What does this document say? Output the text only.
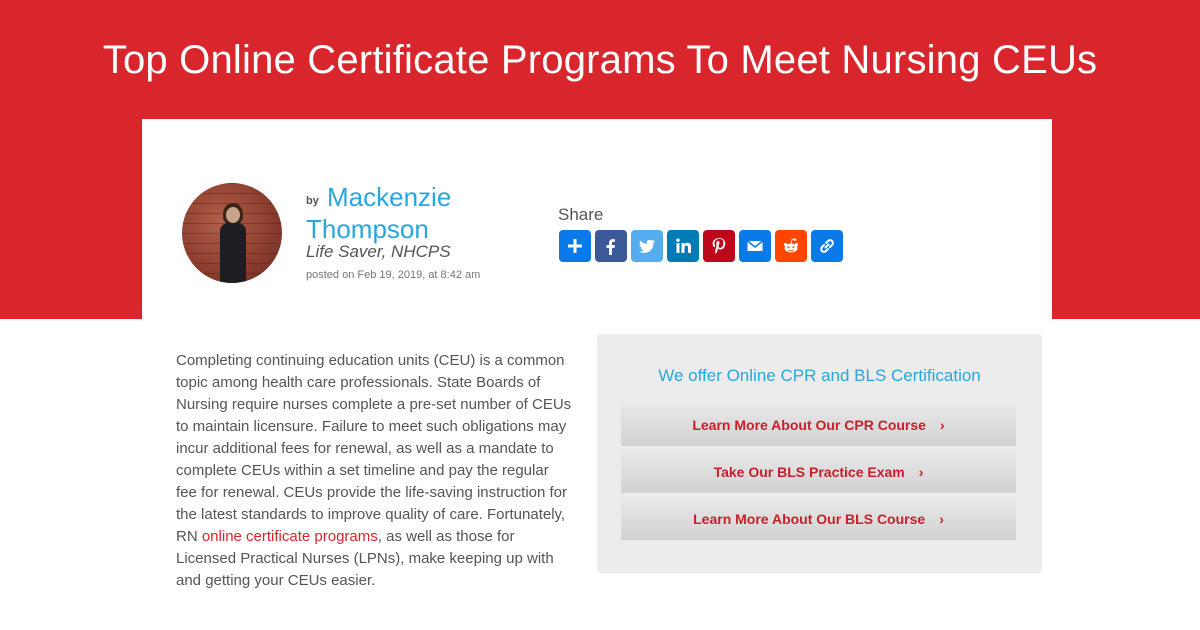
Top Online Certificate Programs To Meet Nursing CEUs
by Mackenzie Thompson
Life Saver, NHCPS
posted on Feb 19, 2019, at 8:42 am
Share

Completing continuing education units (CEU) is a common topic among health care professionals. State Boards of Nursing require nurses complete a pre-set number of CEUs to maintain licensure. Failure to meet such obligations may incur additional fees for renewal, as well as a mandate to complete CEUs within a set timeline and pay the regular fee for renewal. CEUs provide the life-saving instruction for the latest standards to improve quality of care. Fortunately, RN online certificate programs, as well as those for Licensed Practical Nurses (LPNs), make keeping up with and getting your CEUs easier.

We offer Online CPR and BLS Certification
Learn More About Our CPR Course ›
Take Our BLS Practice Exam ›
Learn More About Our BLS Course ›
